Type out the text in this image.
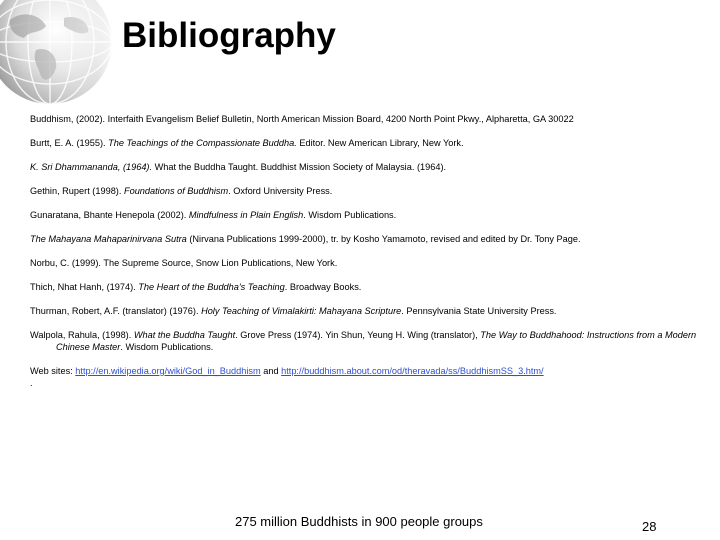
Bibliography
Buddhism, (2002). Interfaith Evangelism Belief Bulletin, North American Mission Board, 4200 North Point Pkwy., Alpharetta, GA 30022
Burtt, E. A. (1955). The Teachings of the Compassionate Buddha. Editor. New American Library, New York.
K. Sri Dhammananda, (1964). What the Buddha Taught. Buddhist Mission Society of Malaysia. (1964).
Gethin, Rupert (1998). Foundations of Buddhism. Oxford University Press.
Gunaratana, Bhante Henepola (2002). Mindfulness in Plain English. Wisdom Publications.
The Mahayana Mahaparinirvana Sutra (Nirvana Publications 1999-2000), tr. by Kosho Yamamoto, revised and edited by Dr. Tony Page.
Norbu, C. (1999). The Supreme Source, Snow Lion Publications, New York.
Thich, Nhat Hanh, (1974). The Heart of the Buddha's Teaching. Broadway Books.
Thurman, Robert, A.F. (translator) (1976). Holy Teaching of Vimalakirti: Mahayana Scripture. Pennsylvania State University Press.
Walpola, Rahula, (1998). What the Buddha Taught. Grove Press (1974). Yin Shun, Yeung H. Wing (translator), The Way to Buddhahood: Instructions from a Modern Chinese Master. Wisdom Publications.
Web sites: http://en.wikipedia.org/wiki/God_in_Buddhism and http://buddhism.about.com/od/theravada/ss/BuddhismSS_3.htm/
.
275 million Buddhists in 900 people groups	28
